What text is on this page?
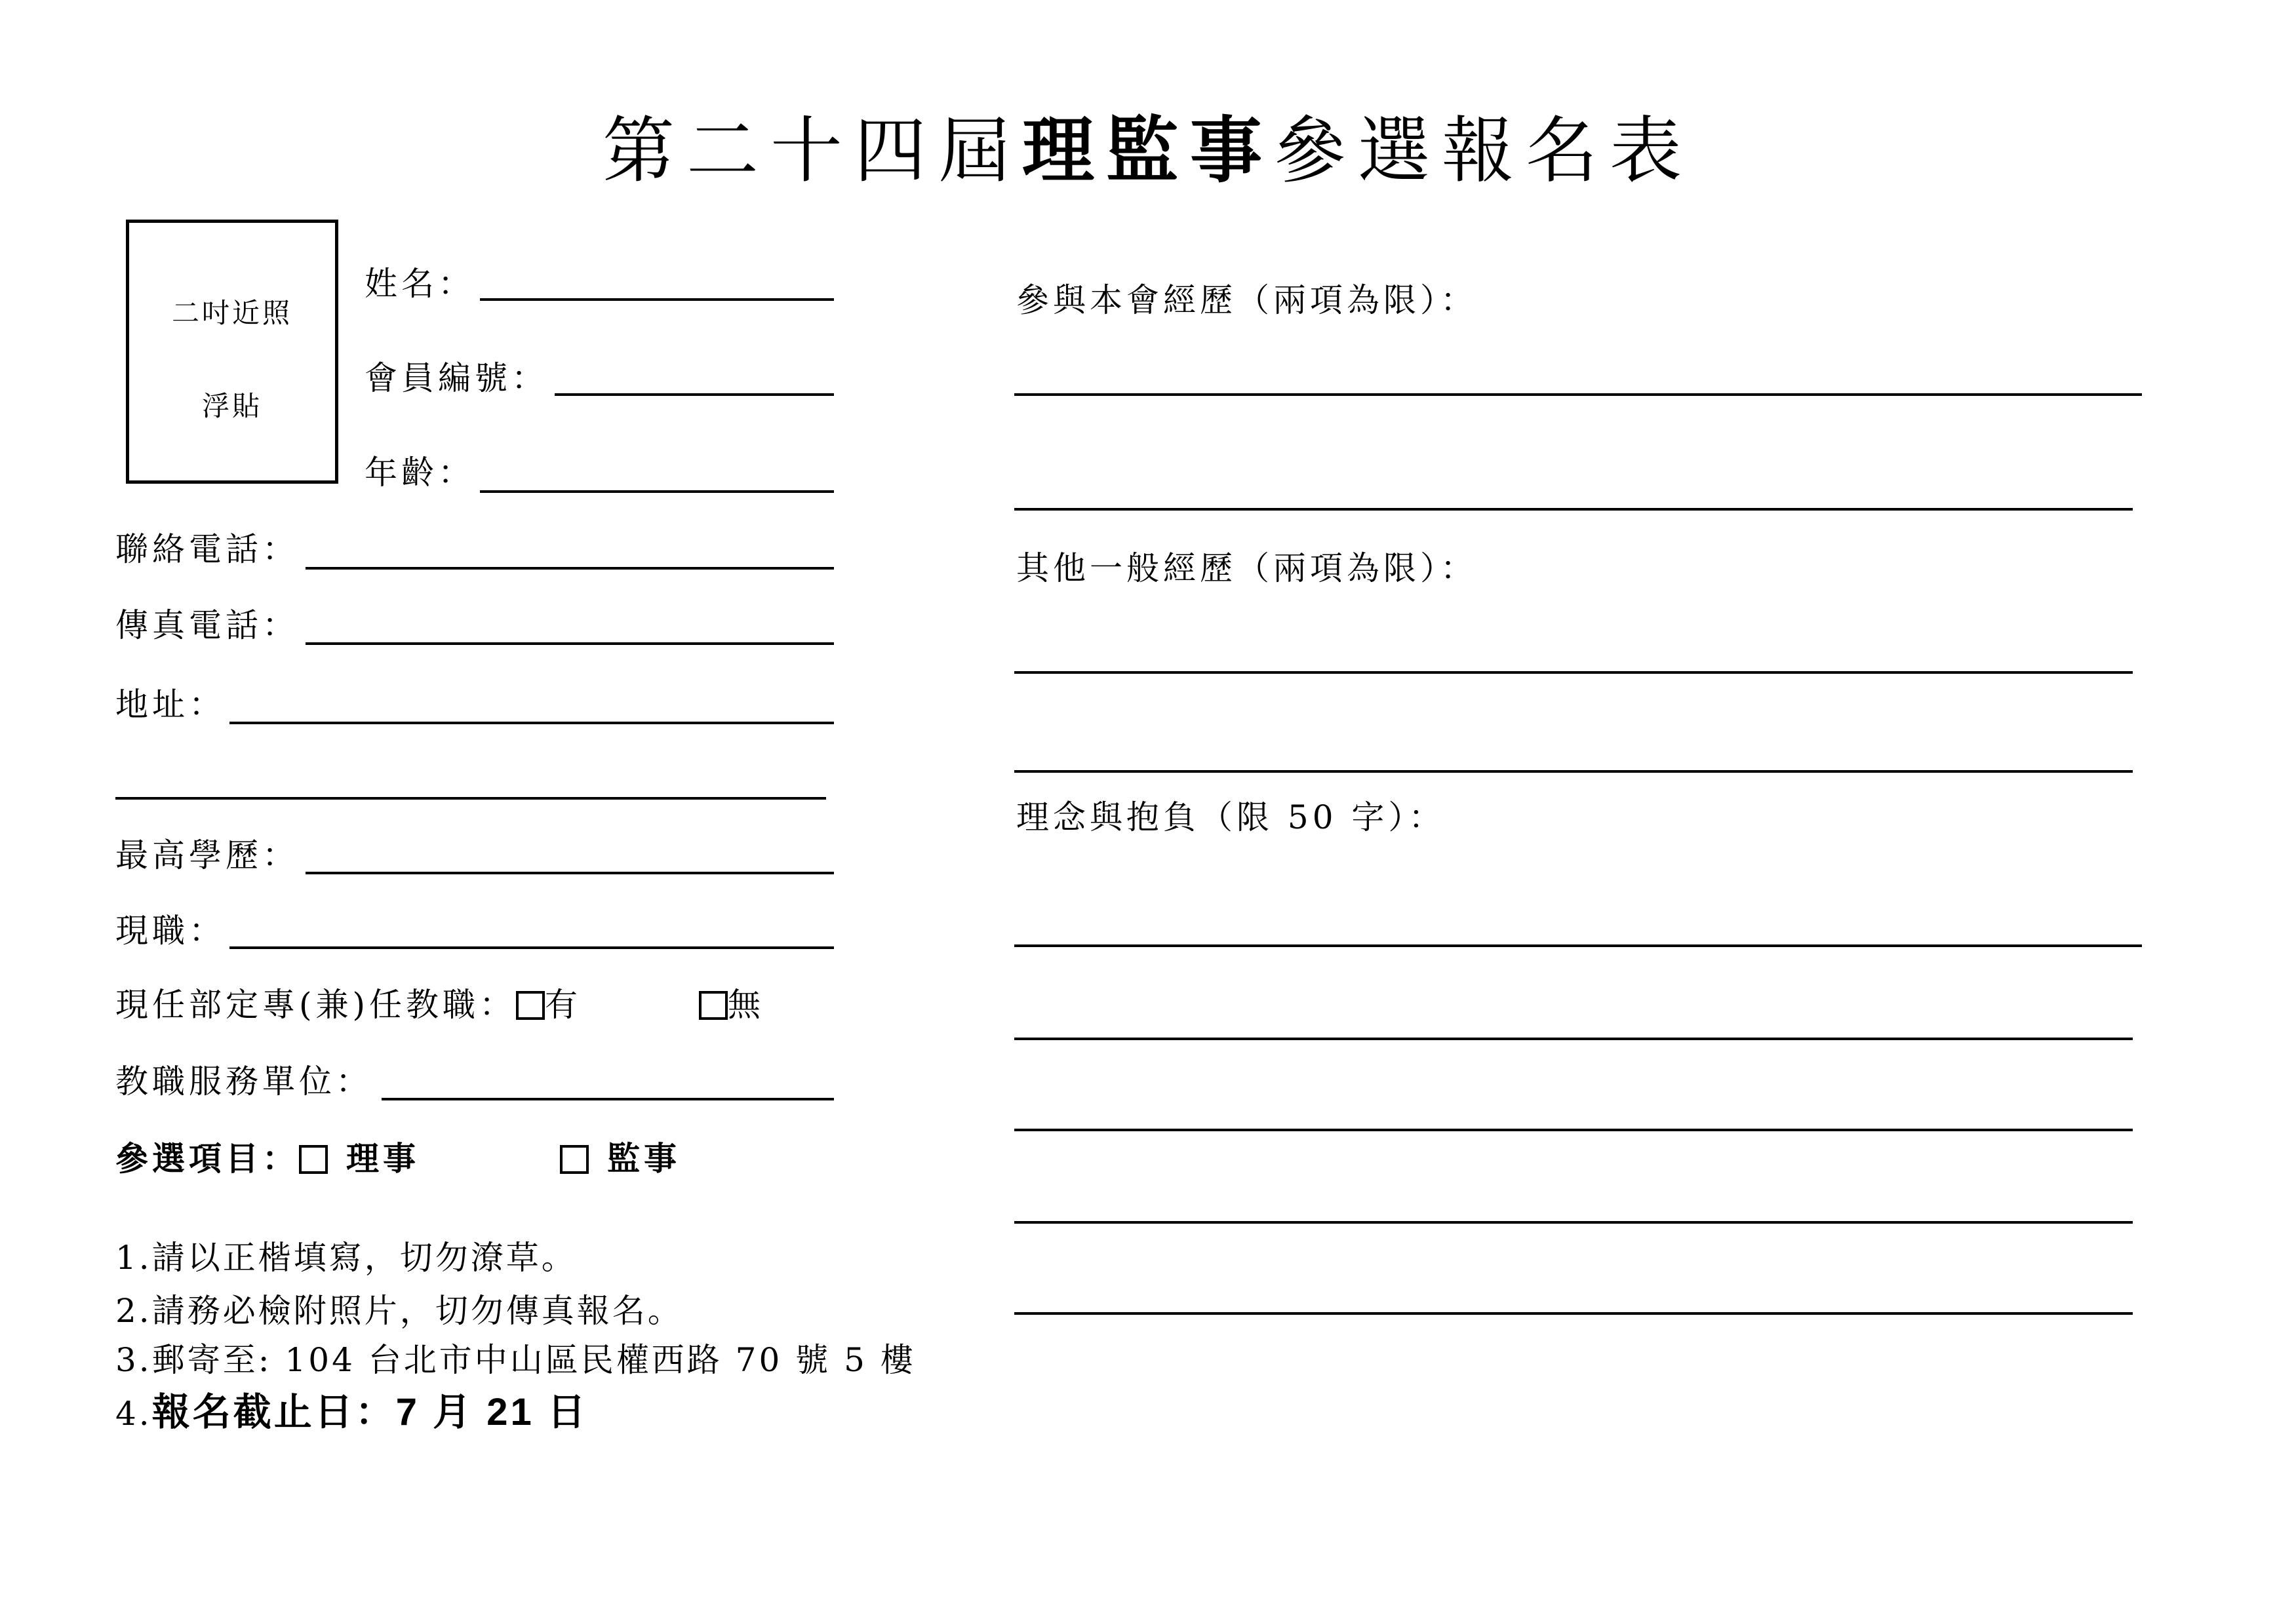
第二十四屆理監事參選報名表
二吋近照
浮貼
姓名：
會員編號：
年齡：
聯絡電話：
傳真電話：
地址：
最高學歷：
現職：
現任部定專(兼)任教職： 有	無
教職服務單位：
參選項目： 理事	監事
1.請以正楷填寫，切勿潦草。
2.請務必檢附照片，切勿傳真報名。
3.郵寄至: 104 台北市中山區民權西路 70 號 5 樓
4.報名截止日：7 月 21 日
參與本會經歷（兩項為限）：
其他一般經歷（兩項為限）：
理念與抱負（限 50 字）：
